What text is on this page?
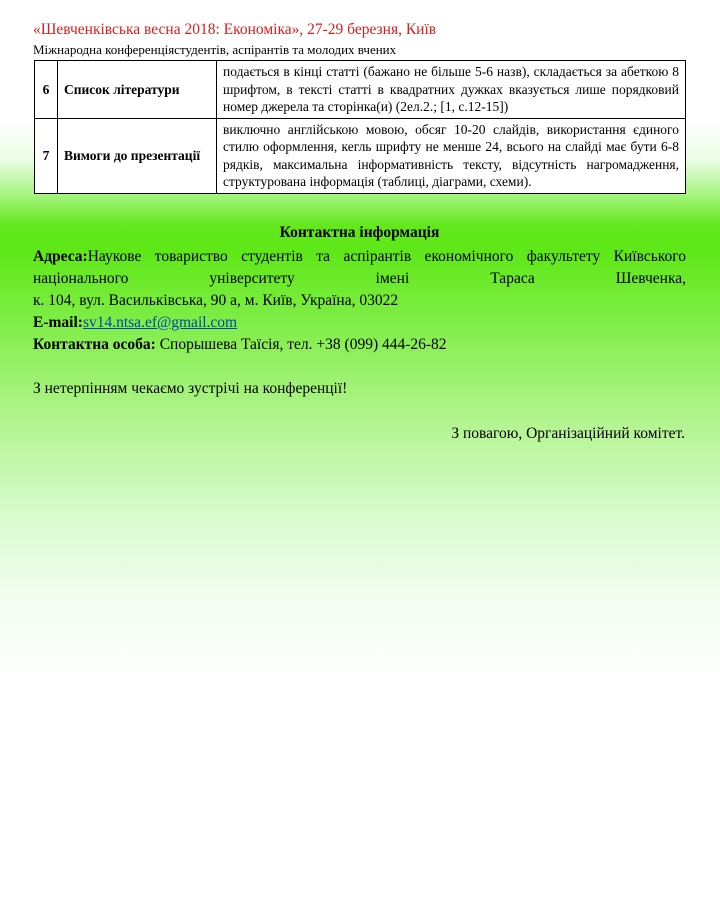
«Шевченківська весна 2018: Економіка», 27-29 березня, Київ
Міжнародна конференціястудентів, аспірантів та молодих вчених
6	Список літератури	подається в кінці статті (бажано не більше 5-6 назв), складається за абеткою 8 шрифтом, в тексті статті в квадратних дужках вказується лише порядковий номер джерела та сторінка(и) (2ел.2.; [1, с.12-15])
7	Вимоги до презентації	виключно англійською мовою, обсяг 10-20 слайдів, використання єдиного стилю оформлення, кегль шрифту не менше 24, всього на слайді має бути 6-8 рядків, максимальна інформативність тексту, відсутність нагромадження, структурована інформація (таблиці, діаграми, схеми).
Контактна інформація

Адреса:Наукове товариство студентів та аспірантів економічного факультету Київського національного університету імені Тараса Шевченка,

к. 104, вул. Васильківська, 90 а, м. Київ, Україна, 03022

E-mail:sv14.ntsa.ef@gmail.com

Контактна особа: Спорышева Таїсія, тел. +38 (099) 444-26-82

З нетерпінням чекаємо зустрічі на конференції!
З повагою, Організаційний комітет.
